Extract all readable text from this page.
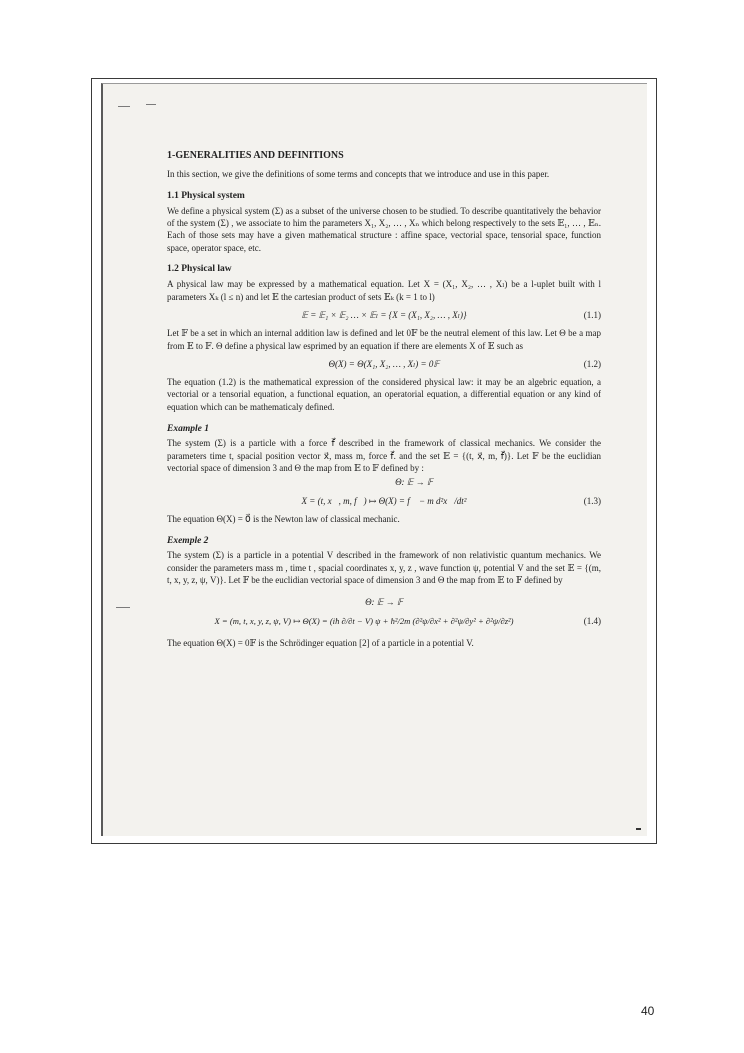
1-GENERALITIES AND DEFINITIONS

In this section, we give the definitions of some terms and concepts that we introduce and use in this paper.

1.1 Physical system

We define a physical system (Σ) as a subset of the universe chosen to be studied. To describe quantitatively the behavior of the system (Σ) , we associate to him the parameters X₁, X₂, … , Xₙ which belong respectively to the sets 𝔼₁, … , 𝔼ₙ. Each of those sets may have a given mathematical structure : affine space, vectorial space, tensorial space, function space, operator space, etc.

1.2 Physical law

A physical law may be expressed by a mathematical equation. Let X = (X₁, X₂, … , Xₗ) be a l-uplet built with l parameters Xₖ (l ≤ n) and let 𝔼 the cartesian product of sets 𝔼ₖ (k = 1 to l)

𝔼 = 𝔼₁ × 𝔼₂ … × 𝔼ₗ = {X = (X₁, X₂, … , Xₗ)}	(1.1)

Let 𝔽 be a set in which an internal addition law is defined and let 0𝔽 be the neutral element of this law. Let Θ be a map from 𝔼 to 𝔽. Θ define a physical law esprimed by an equation if there are elements X of 𝔼 such as

Θ(X) = Θ(X₁, X₂, … , Xₗ) = 0𝔽	(1.2)

The equation (1.2) is the mathematical expression of the considered physical law: it may be an algebric equation, a vectorial or a tensorial equation, a functional equation, an operatorial equation, a differential equation or any kind of equation which can be mathematicaly defined.

Example 1

The system (Σ) is a particle with a force f⃗ described in the framework of classical mechanics. We consider the parameters time t, spacial position vector x⃗, mass m, force f⃗. and the set 𝔼 = {(t, x⃗, m, f⃗)}. Let 𝔽 be the euclidian vectorial space of dimension 3 and Θ the map from 𝔼 to 𝔽 defined by :

Θ: 𝔼 → 𝔽
X = (t, x⃗, m, f⃗) ↦ Θ(X) = f⃗ − m d²x⃗/dt²	(1.3)

The equation Θ(X) = 0⃗ is the Newton law of classical mechanic.

Exemple 2

The system (Σ) is a particle in a potential V described in the framework of non relativistic quantum mechanics. We consider the parameters mass m , time t , spacial coordinates x, y, z , wave function ψ, potential V and the set 𝔼 = {(m, t, x, y, z, ψ, V)}. Let 𝔽 be the euclidian vectorial space of dimension 3 and Θ the map from 𝔼 to 𝔽 defined by

Θ: 𝔼 → 𝔽
X = (m, t, x, y, z, ψ, V) ↦ Θ(X) = (iħ ∂/∂t − V) ψ + ħ²/2m (∂²ψ/∂x² + ∂²ψ/∂y² + ∂²ψ/∂z²)	(1.4)

The equation Θ(X) = 0𝔽 is the Schrödinger equation [2] of a particle in a potential V.

40
